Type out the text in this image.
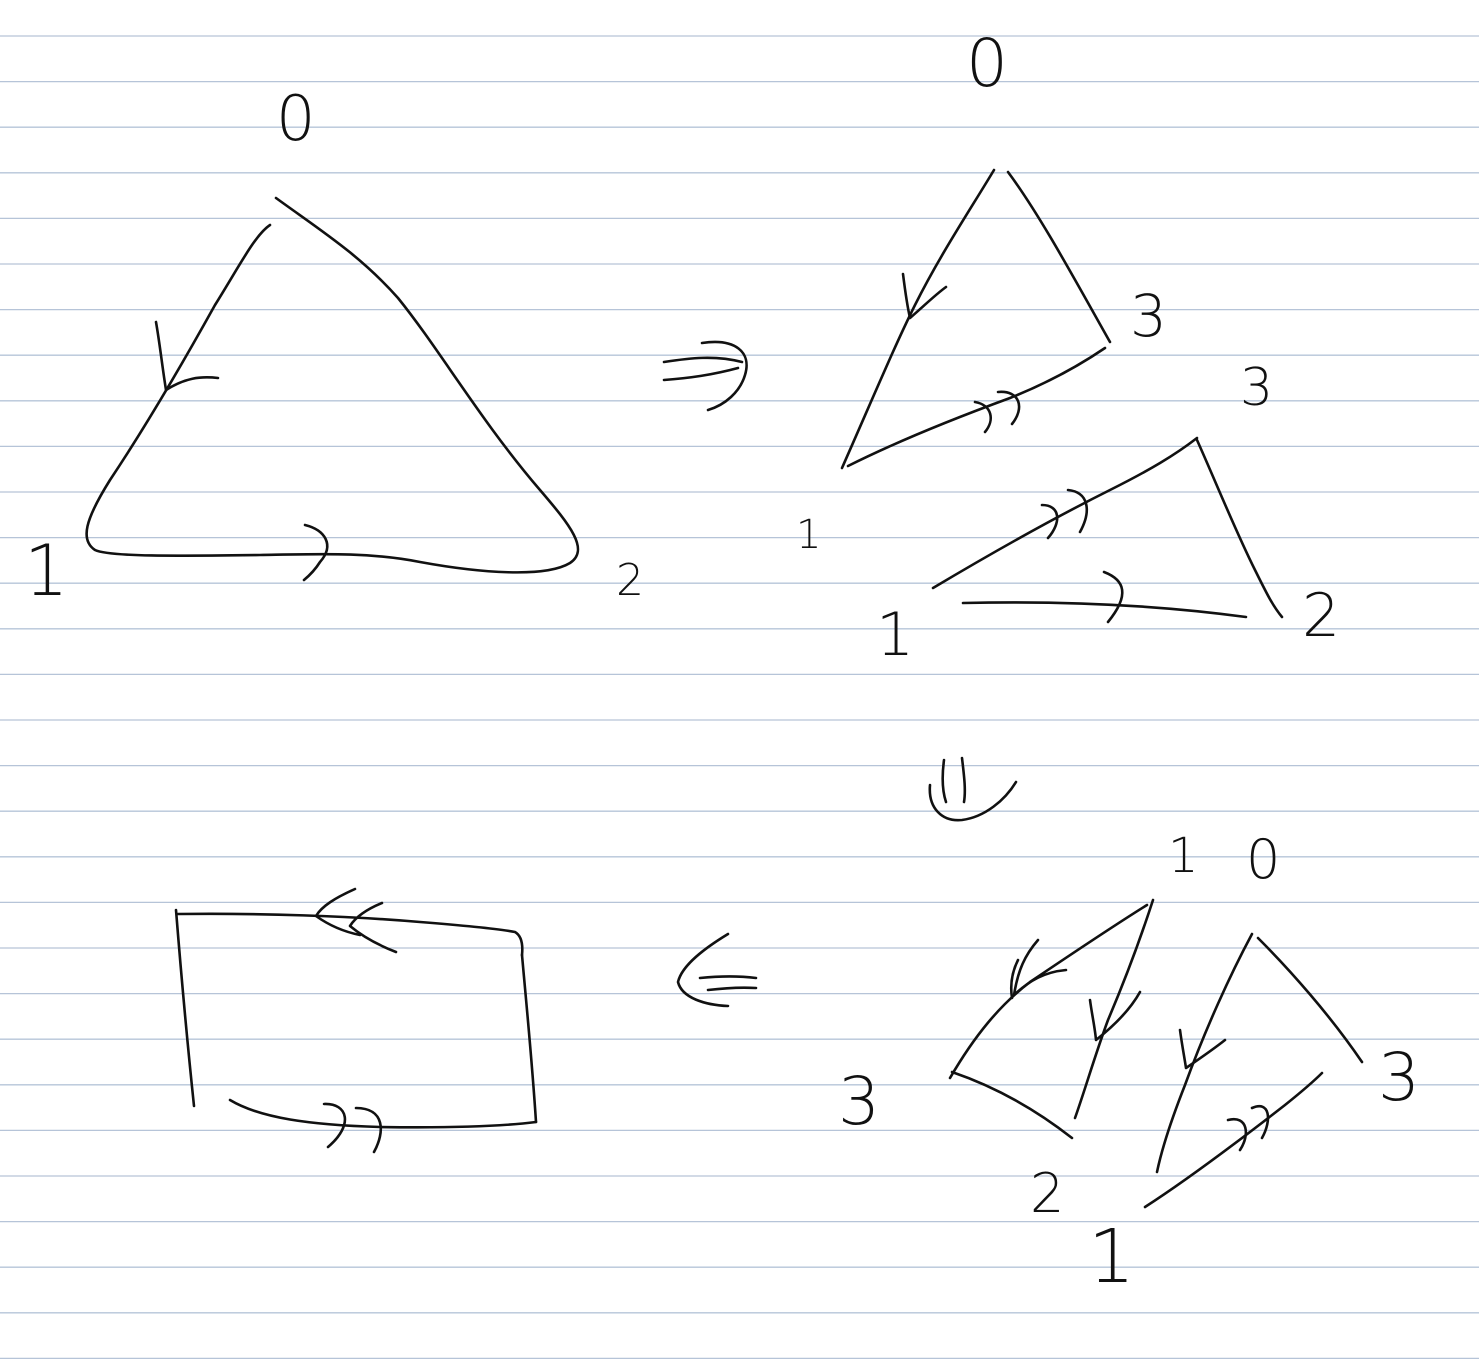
0
1	2
0
3
1
3
1	2
1 0
3	3
2
1
